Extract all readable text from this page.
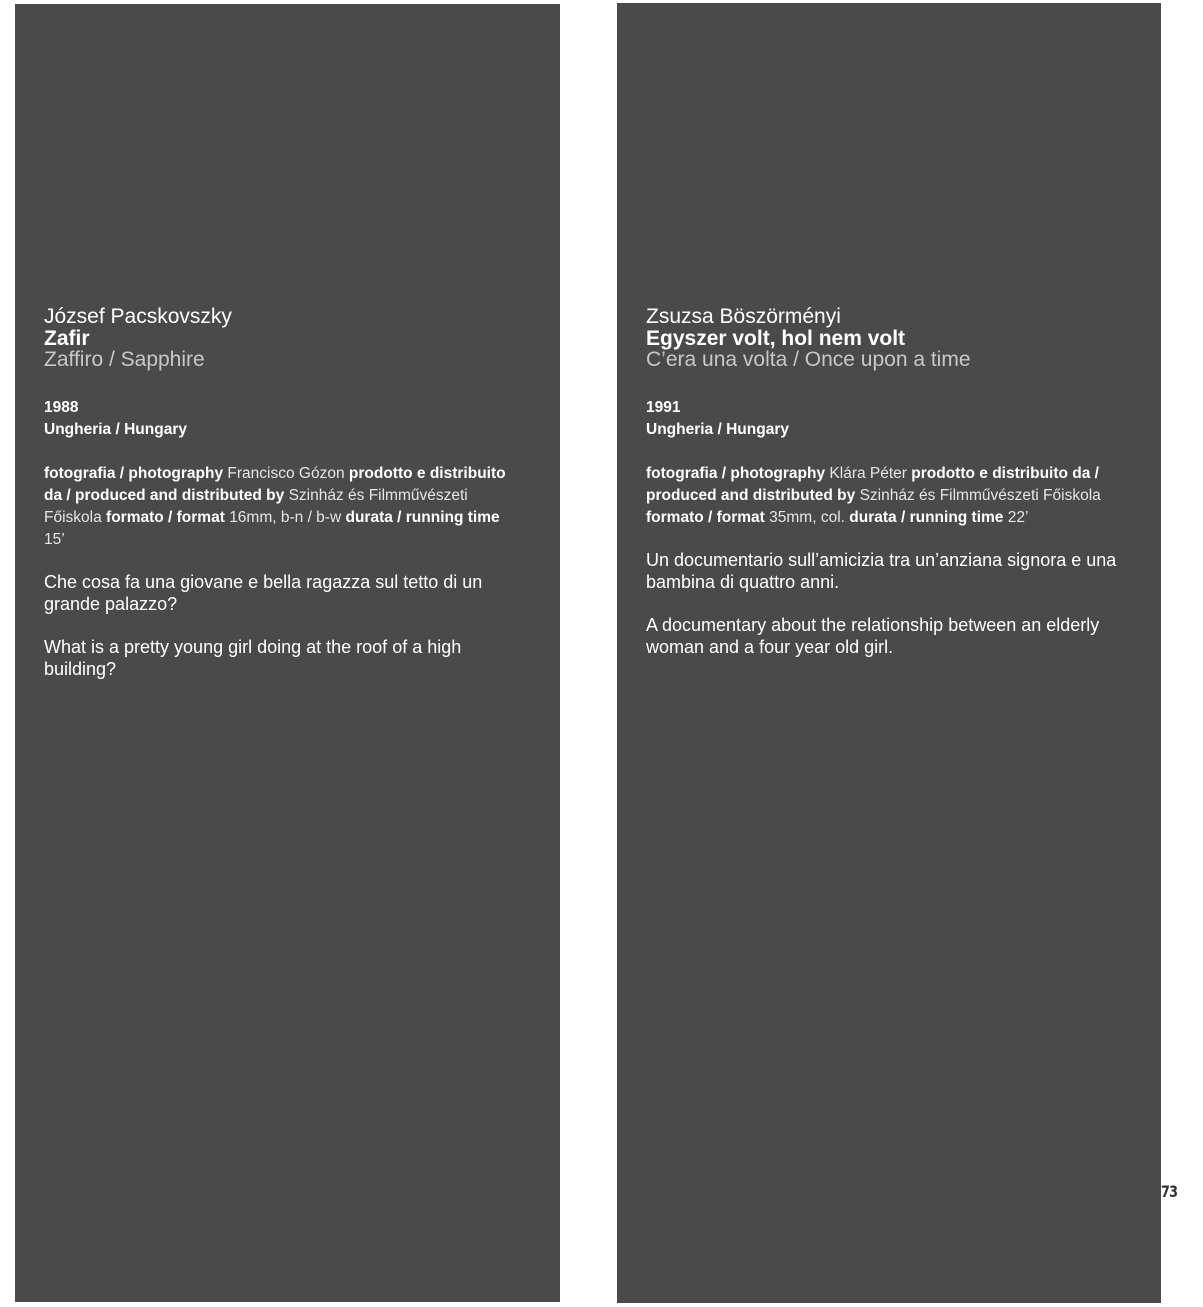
József Pacskovszky
Zafir
Zaffiro / Sapphire
1988
Ungheria / Hungary
fotografia / photography Francisco Gózon prodotto e distribuito da / produced and distributed by Szinház és Filmművészeti Főiskola formato / format 16mm, b-n / b-w durata / running time 15’
Che cosa fa una giovane e bella ragazza sul tetto di un grande palazzo?
What is a pretty young girl doing at the roof of a high building?
Zsuzsa Böszörményi
Egyszer volt, hol nem volt
C’era una volta / Once upon a time
1991
Ungheria / Hungary
fotografia / photography Klára Péter prodotto e distribuito da / produced and distributed by Szinház és Filmművészeti Főiskola formato / format 35mm, col. durata / running time 22’
Un documentario sull’amicizia tra un’anziana signora e una bambina di quattro anni.
A documentary about the relationship between an elderly woman and a four year old girl.
73
